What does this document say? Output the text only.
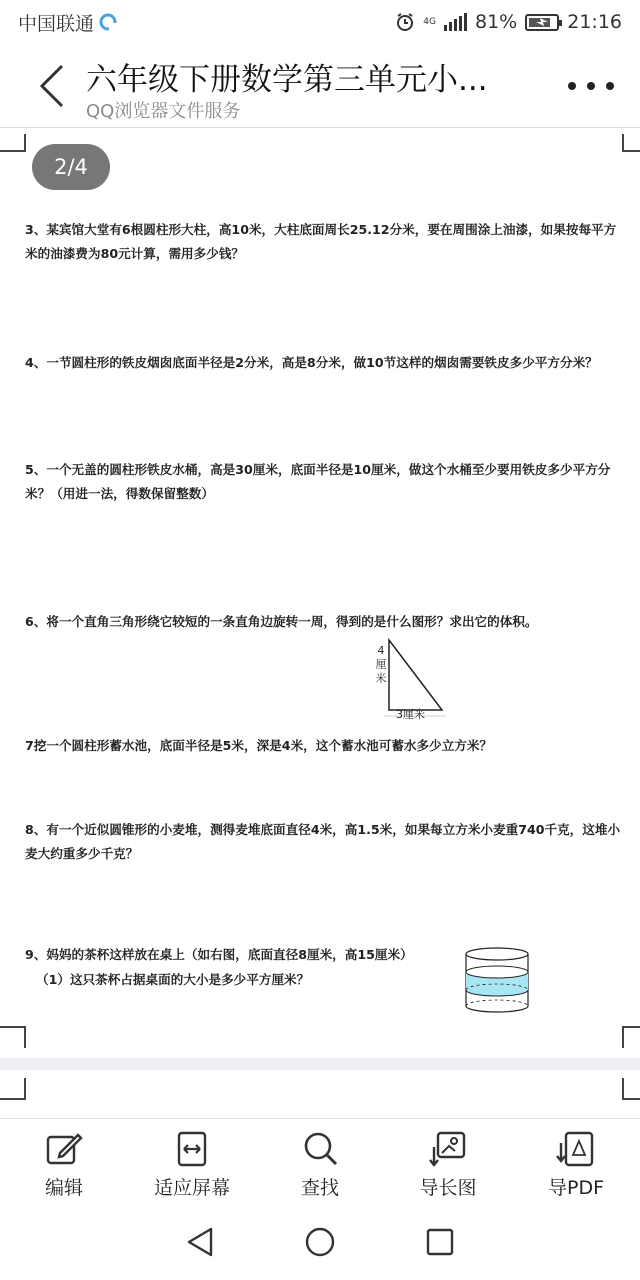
中国联通	4G 81%	21:16
六年级下册数学第三单元小...
QQ浏览器文件服务
2/4
3、某宾馆大堂有6根圆柱形大柱，高10米，大柱底面周长25.12分米，要在周围涂上油漆，如果按每平方米的油漆费为80元计算，需用多少钱？
4、一节圆柱形的铁皮烟囱底面半径是2分米，高是8分米，做10节这样的烟囱需要铁皮多少平方分米？
5、一个无盖的圆柱形铁皮水桶，高是30厘米，底面半径是10厘米，做这个水桶至少要用铁皮多少平方分米？（用进一法，得数保留整数）
6、将一个直角三角形绕它较短的一条直角边旋转一周，得到的是什么图形？求出它的体积。
4
厘
米
3厘米
7挖一个圆柱形蓄水池，底面半径是5米，深是4米，这个蓄水池可蓄水多少立方米？
8、有一个近似圆锥形的小麦堆，测得麦堆底面直径4米，高1.5米，如果每立方米小麦重740千克，这堆小麦大约重多少千克？
9、妈妈的茶杯这样放在桌上（如右图，底面直径8厘米，高15厘米）
（1）这只茶杯占据桌面的大小是多少平方厘米？
编辑	适应屏幕	查找	导长图	导PDF
